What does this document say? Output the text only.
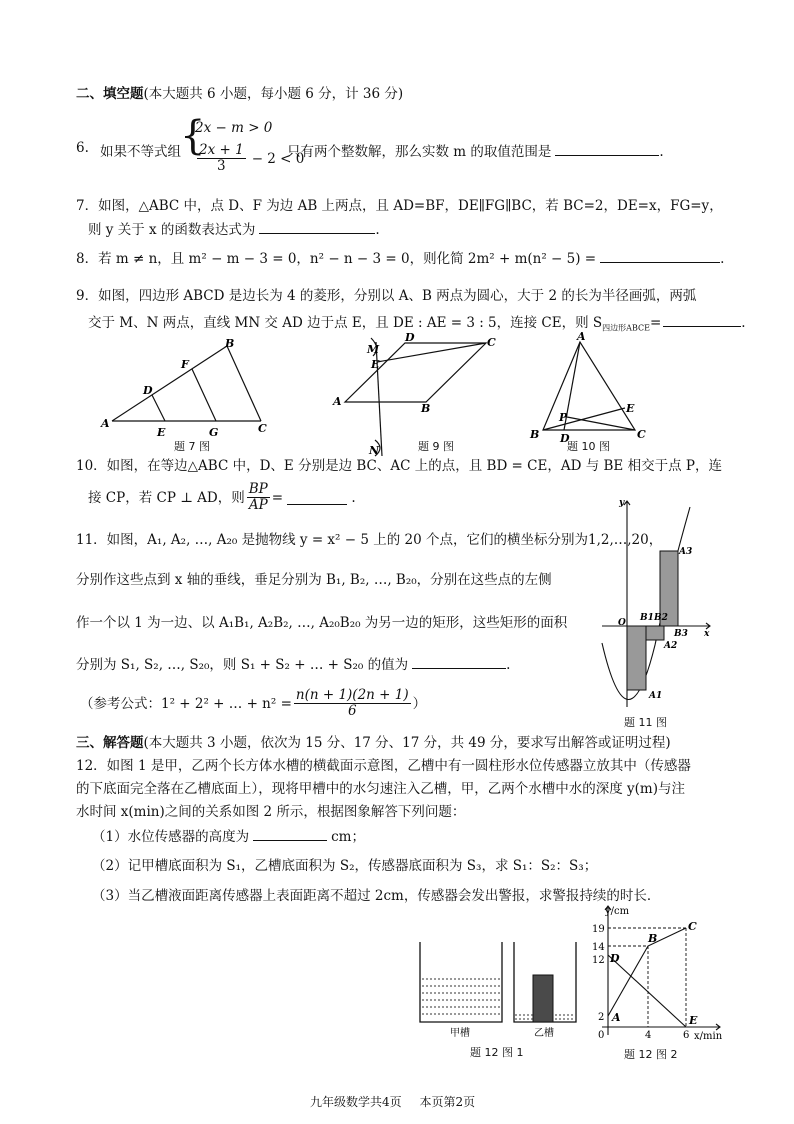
二、填空题(本大题共 6 小题，每小题 6 分，计 36 分)
6. 如果不等式组 {
2x − m > 0
$\frac{2x + 1}{3} - 2 < 0$
只有两个整数解，那么实数 m 的取值范围是	.
7．如图，△ABC 中，点 D、F 为边 AB 上两点，且 AD=BF，DE∥FG∥BC，若 BC=2，DE=x，FG=y，
则 y 关于 x 的函数表达式为	.
8．若 m ≠ n，且 m² − m − 3 = 0，n² − n − 3 = 0，则化简 2m² + m(n² − 5) =	.
9．如图，四边形 ABCD 是边长为 4 的菱形，分别以 A、B 两点为圆心，大于 2 的长为半径画弧，两弧
交于 M、N 两点，直线 MN 交 AD 边于点 E，且 DE : AE = 3 : 5，连接 CE，则 $S_{四边形ABCE}=$	.
A
B
C
D
E
F
G
题 7 图
M
N
A
B
C
D
E
题 9 图
A
B	C
D
E
P
题 10 图
10．如图，在等边△ABC 中，D、E 分别是边 BC、AC 上的点，且 BD = CE，AD 与 BE 相交于点 P，连
接 CP，若 CP ⊥ AD，则 $\frac{BP}{AP}$ =	.
11．如图，A₁, A₂, …, A₂₀ 是抛物线 y = x² − 5 上的 20 个点，它们的横坐标分别为1,2,…,20，
分别作这些点到 x 轴的垂线，垂足分别为 B₁, B₂, …, B₂₀，分别在这些点的左侧
作一个以 1 为一边、以 A₁B₁, A₂B₂, …, A₂₀B₂₀ 为另一边的矩形，这些矩形的面积
分别为 S₁, S₂, …, S₂₀，则 S₁ + S₂ + … + S₂₀ 的值为	.
（参考公式：1² + 2² + … + $n^2 = \frac{n(n + 1)(2n + 1)}{6}$ ）
y
x
O B1 B2
B3
A1
A2
A3
题 11 图
三、解答题(本大题共 3 小题，依次为 15 分、17 分、17 分，共 49 分，要求写出解答或证明过程)
12．如图 1 是甲，乙两个长方体水槽的横截面示意图，乙槽中有一圆柱形水位传感器立放其中（传感器
的下底面完全落在乙槽底面上），现将甲槽中的水匀速注入乙槽，甲，乙两个水槽中水的深度 y(m)与注
水时间 x(min)之间的关系如图 2 所示，根据图象解答下列问题：
（1）水位传感器的高度为	cm；
（2）记甲槽底面积为 S₁，乙槽底面积为 S₂，传感器底面积为 S₃，求 S₁：S₂：S₃；
（3）当乙槽液面距离传感器上表面距离不超过 2cm，传感器会发出警报，求警报持续的时长．
甲槽	乙槽
题 12 图 1
y/cm
x/min
19
14
12
2
0	4	6
A
B
C
D
E
题 12 图 2
九年级数学共4页 本页第2页
